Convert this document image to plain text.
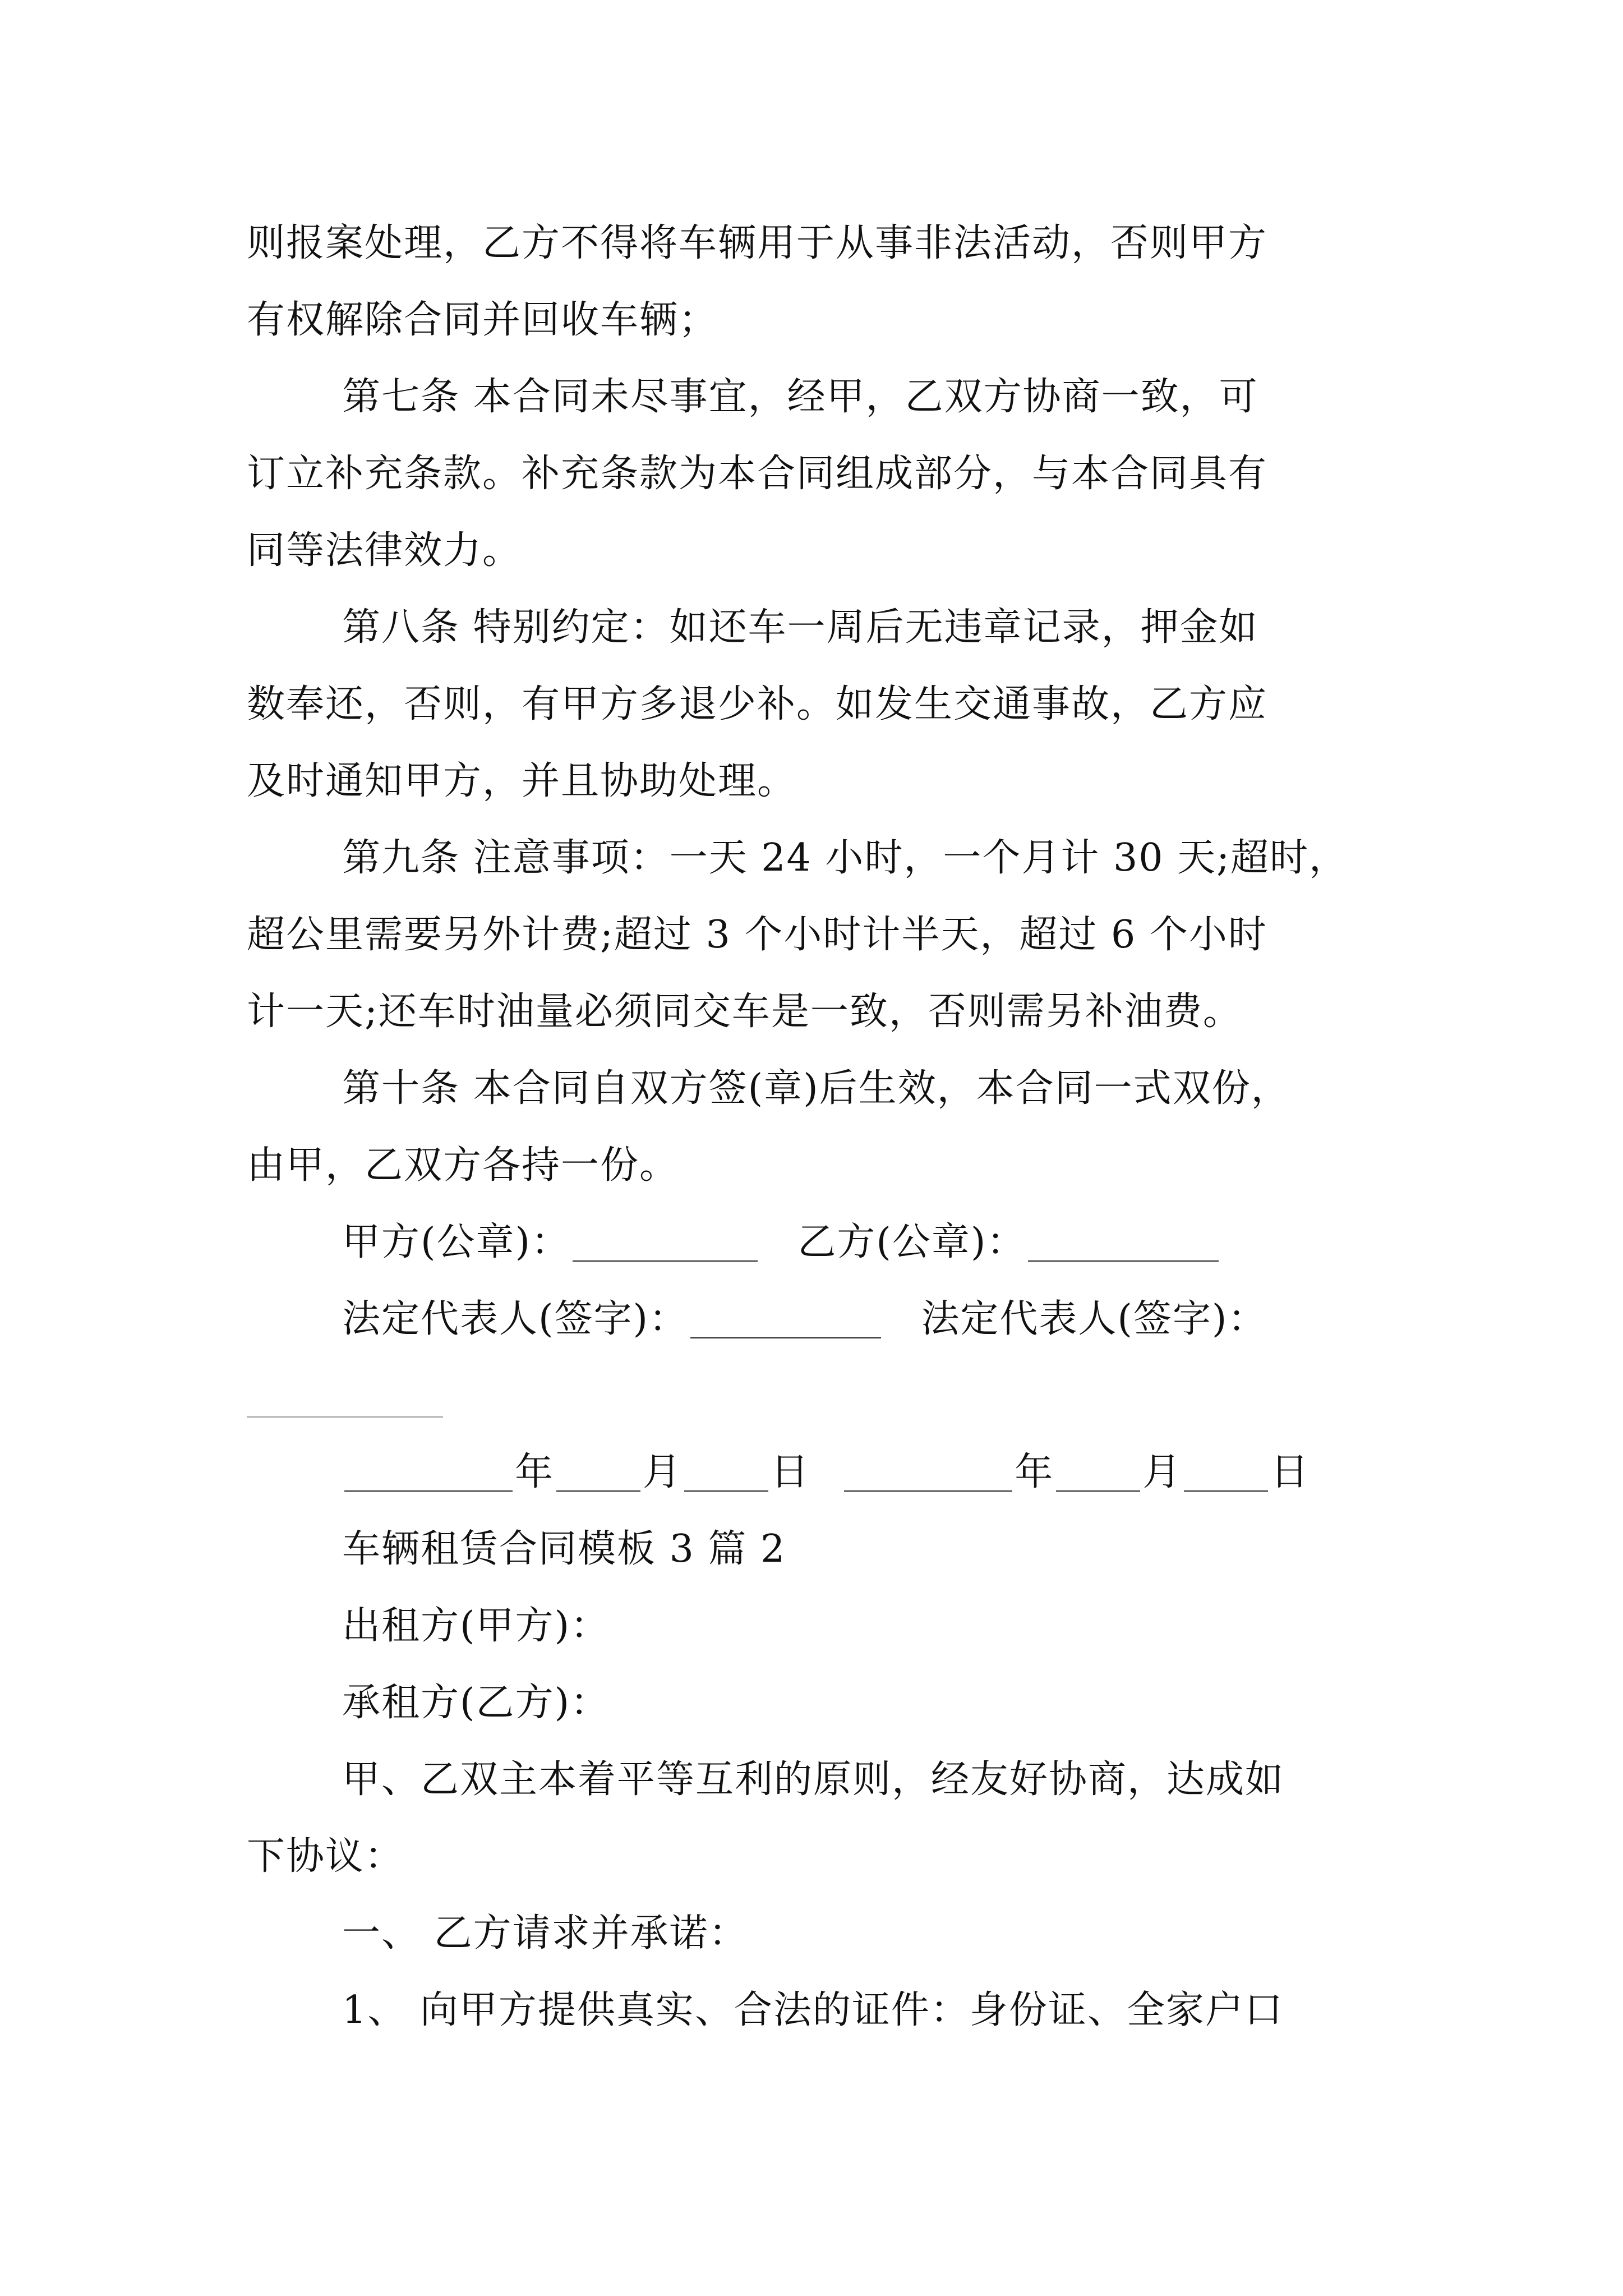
则报案处理，乙方不得将车辆用于从事非法活动，否则甲方
有权解除合同并回收车辆；
第七条 本合同未尽事宜，经甲，乙双方协商一致，可
订立补充条款。补充条款为本合同组成部分，与本合同具有
同等法律效力。
第八条 特别约定：如还车一周后无违章记录，押金如
数奉还，否则，有甲方多退少补。如发生交通事故，乙方应
及时通知甲方，并且协助处理。
第九条 注意事项：一天 24 小时，一个月计 30 天;超时，
超公里需要另外计费;超过 3 个小时计半天，超过 6 个小时
计一天;还车时油量必须同交车是一致，否则需另补油费。
第十条 本合同自双方签(章)后生效，本合同一式双份，
由甲，乙双方各持一份。
甲方(公章)：	乙方(公章)：
法定代表人(签字)：	法定代表人(签字)：
年 月 日	年 月 日
车辆租赁合同模板 3 篇 2
出租方(甲方)：
承租方(乙方)：
甲、乙双主本着平等互利的原则，经友好协商，达成如
下协议：
一、 乙方请求并承诺：
1、 向甲方提供真实、合法的证件：身份证、全家户口
